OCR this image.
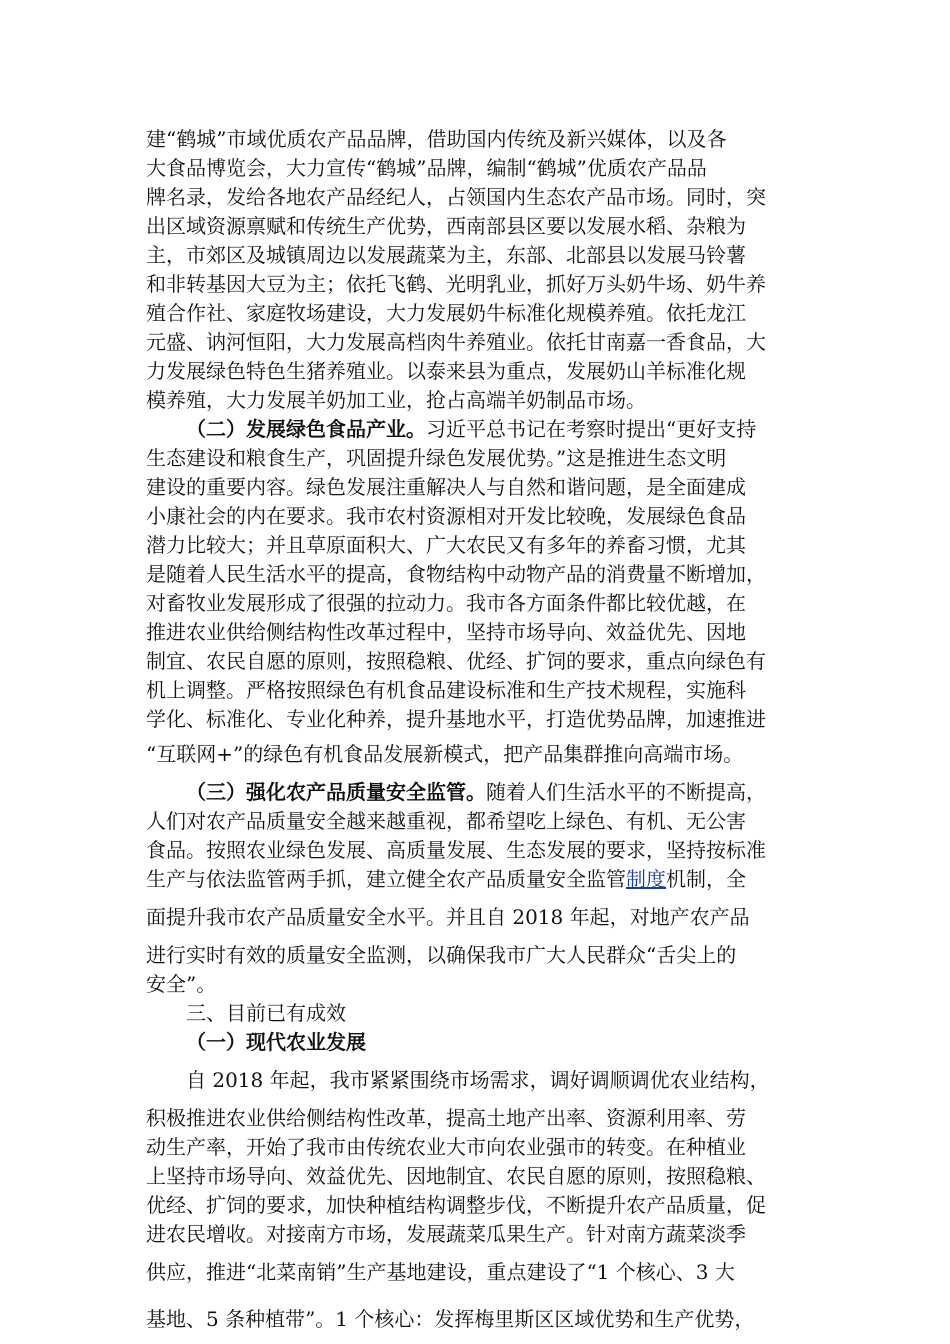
建“鹤城”市域优质农产品品牌，借助国内传统及新兴媒体，以及各
大食品博览会，大力宣传“鹤城”品牌，编制“鹤城”优质农产品品
牌名录，发给各地农产品经纪人，占领国内生态农产品市场。同时，突
出区域资源禀赋和传统生产优势，西南部县区要以发展水稻、杂粮为
主，市郊区及城镇周边以发展蔬菜为主，东部、北部县以发展马铃薯
和非转基因大豆为主；依托飞鹤、光明乳业，抓好万头奶牛场、奶牛养
殖合作社、家庭牧场建设，大力发展奶牛标准化规模养殖。依托龙江
元盛、讷河恒阳，大力发展高档肉牛养殖业。依托甘南嘉一香食品，大
力发展绿色特色生猪养殖业。以泰来县为重点，发展奶山羊标准化规
模养殖，大力发展羊奶加工业，抢占高端羊奶制品市场。
（二）发展绿色食品产业。习近平总书记在考察时提出“更好支持
生态建设和粮食生产，巩固提升绿色发展优势。”这是推进生态文明
建设的重要内容。绿色发展注重解决人与自然和谐问题，是全面建成
小康社会的内在要求。我市农村资源相对开发比较晚，发展绿色食品
潜力比较大；并且草原面积大、广大农民又有多年的养畜习惯，尤其
是随着人民生活水平的提高，食物结构中动物产品的消费量不断增加，
对畜牧业发展形成了很强的拉动力。我市各方面条件都比较优越，在
推进农业供给侧结构性改革过程中，坚持市场导向、效益优先、因地
制宜、农民自愿的原则，按照稳粮、优经、扩饲的要求，重点向绿色有
机上调整。严格按照绿色有机食品建设标准和生产技术规程，实施科
学化、标准化、专业化种养，提升基地水平，打造优势品牌，加速推进
“互联网+”的绿色有机食品发展新模式，把产品集群推向高端市场。
（三）强化农产品质量安全监管。随着人们生活水平的不断提高，
人们对农产品质量安全越来越重视，都希望吃上绿色、有机、无公害
食品。按照农业绿色发展、高质量发展、生态发展的要求，坚持按标准
生产与依法监管两手抓，建立健全农产品质量安全监管制度机制，全
面提升我市农产品质量安全水平。并且自 2018 年起，对地产农产品
进行实时有效的质量安全监测，以确保我市广大人民群众“舌尖上的
安全”。
三、目前已有成效
（一）现代农业发展
自 2018 年起，我市紧紧围绕市场需求，调好调顺调优农业结构，
积极推进农业供给侧结构性改革，提高土地产出率、资源利用率、劳
动生产率，开始了我市由传统农业大市向农业强市的转变。在种植业
上坚持市场导向、效益优先、因地制宜、农民自愿的原则，按照稳粮、
优经、扩饲的要求，加快种植结构调整步伐，不断提升农产品质量，促
进农民增收。对接南方市场，发展蔬菜瓜果生产。针对南方蔬菜淡季
供应，推进“北菜南销”生产基地建设，重点建设了“1 个核心、3 大
基地、5 条种植带”。1 个核心：发挥梅里斯区区域优势和生产优势，
